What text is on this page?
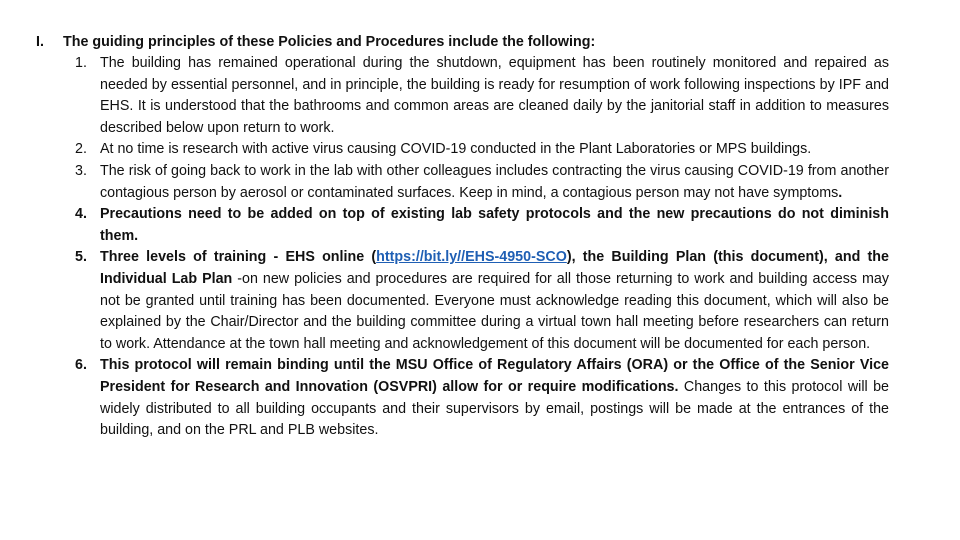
I. The guiding principles of these Policies and Procedures include the following:
1. The building has remained operational during the shutdown, equipment has been routinely monitored and repaired as needed by essential personnel, and in principle, the building is ready for resumption of work following inspections by IPF and EHS. It is understood that the bathrooms and common areas are cleaned daily by the janitorial staff in addition to measures described below upon return to work.
2. At no time is research with active virus causing COVID-19 conducted in the Plant Laboratories or MPS buildings.
3. The risk of going back to work in the lab with other colleagues includes contracting the virus causing COVID-19 from another contagious person by aerosol or contaminated surfaces. Keep in mind, a contagious person may not have symptoms.
4. Precautions need to be added on top of existing lab safety protocols and the new precautions do not diminish them.
5. Three levels of training - EHS online (https://bit.ly//EHS-4950-SCO), the Building Plan (this document), and the Individual Lab Plan -on new policies and procedures are required for all those returning to work and building access may not be granted until training has been documented. Everyone must acknowledge reading this document, which will also be explained by the Chair/Director and the building committee during a virtual town hall meeting before researchers can return to work. Attendance at the town hall meeting and acknowledgement of this document will be documented for each person.
6. This protocol will remain binding until the MSU Office of Regulatory Affairs (ORA) or the Office of the Senior Vice President for Research and Innovation (OSVPRI) allow for or require modifications. Changes to this protocol will be widely distributed to all building occupants and their supervisors by email, postings will be made at the entrances of the building, and on the PRL and PLB websites.
